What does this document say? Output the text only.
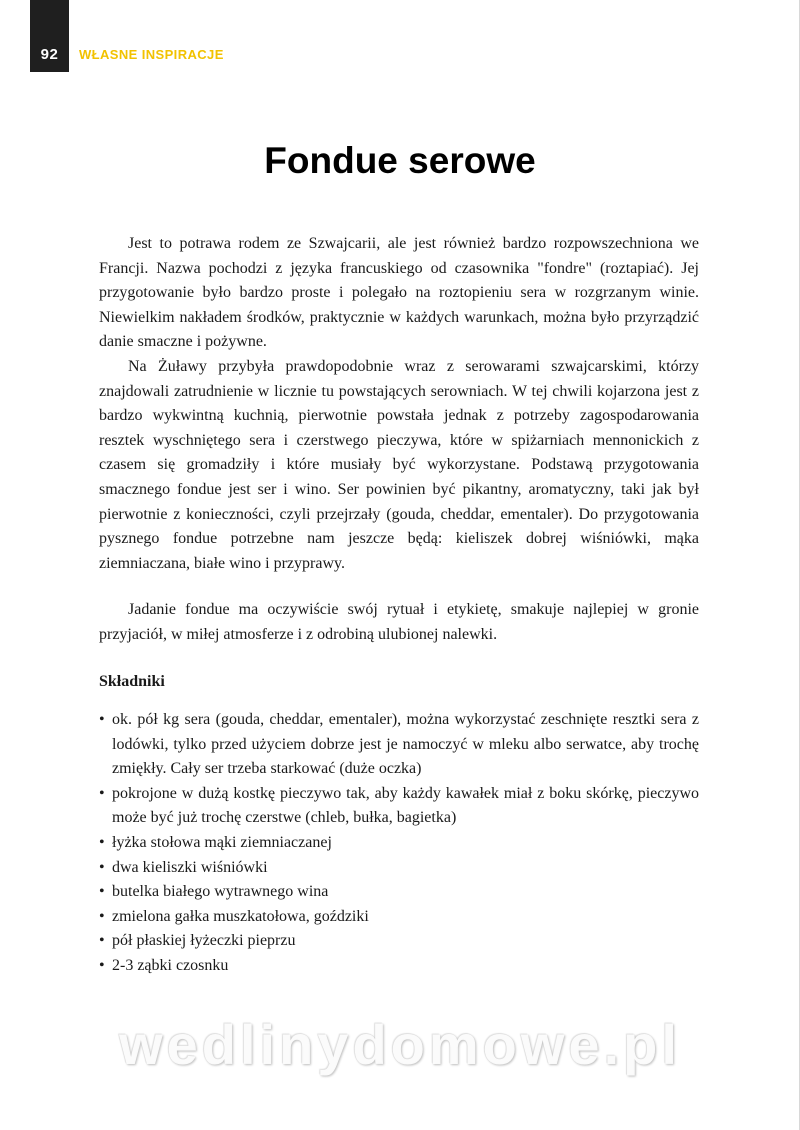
92	WŁASNE INSPIRACJE
Fondue serowe

Jest to potrawa rodem ze Szwajcarii, ale jest również bardzo rozpowszechniona we Francji. Nazwa pochodzi z języka francuskiego od czasownika "fondre" (roztapiać). Jej przygotowanie było bardzo proste i polegało na roztopieniu sera w rozgrzanym winie. Niewielkim nakładem środków, praktycznie w każdych warunkach, można było przyrządzić danie smaczne i pożywne.

Na Żuławy przybyła prawdopodobnie wraz z serowarami szwajcarskimi, którzy znajdowali zatrudnienie w licznie tu powstających serowniach. W tej chwili kojarzona jest z bardzo wykwintną kuchnią, pierwotnie powstała jednak z potrzeby zagospodarowania resztek wyschniętego sera i czerstwego pieczywa, które w spiżarniach mennonickich z czasem się gromadziły i które musiały być wykorzystane. Podstawą przygotowania smacznego fondue jest ser i wino. Ser powinien być pikantny, aromatyczny, taki jak był pierwotnie z konieczności, czyli przejrzały (gouda, cheddar, ementaler). Do przygotowania pysznego fondue potrzebne nam jeszcze będą: kieliszek dobrej wiśniówki, mąka ziemniaczana, białe wino i przyprawy.

Jadanie fondue ma oczywiście swój rytuał i etykietę, smakuje najlepiej w gronie przyjaciół, w miłej atmosferze i z odrobiną ulubionej nalewki.

Składniki
• ok. pół kg sera (gouda, cheddar, ementaler), można wykorzystać zeschnięte resztki sera z lodówki, tylko przed użyciem dobrze jest je namoczyć w mleku albo serwatce, aby trochę zmiękły. Cały ser trzeba starkować (duże oczka)
• pokrojone w dużą kostkę pieczywo tak, aby każdy kawałek miał z boku skórkę, pieczywo może być już trochę czerstwe (chleb, bułka, bagietka)
• łyżka stołowa mąki ziemniaczanej
• dwa kieliszki wiśniówki
• butelka białego wytrawnego wina
• zmielona gałka muszkatołowa, goździki
• pół płaskiej łyżeczki pieprzu
• 2-3 ząbki czosnku
wedlinydomowe.pl
